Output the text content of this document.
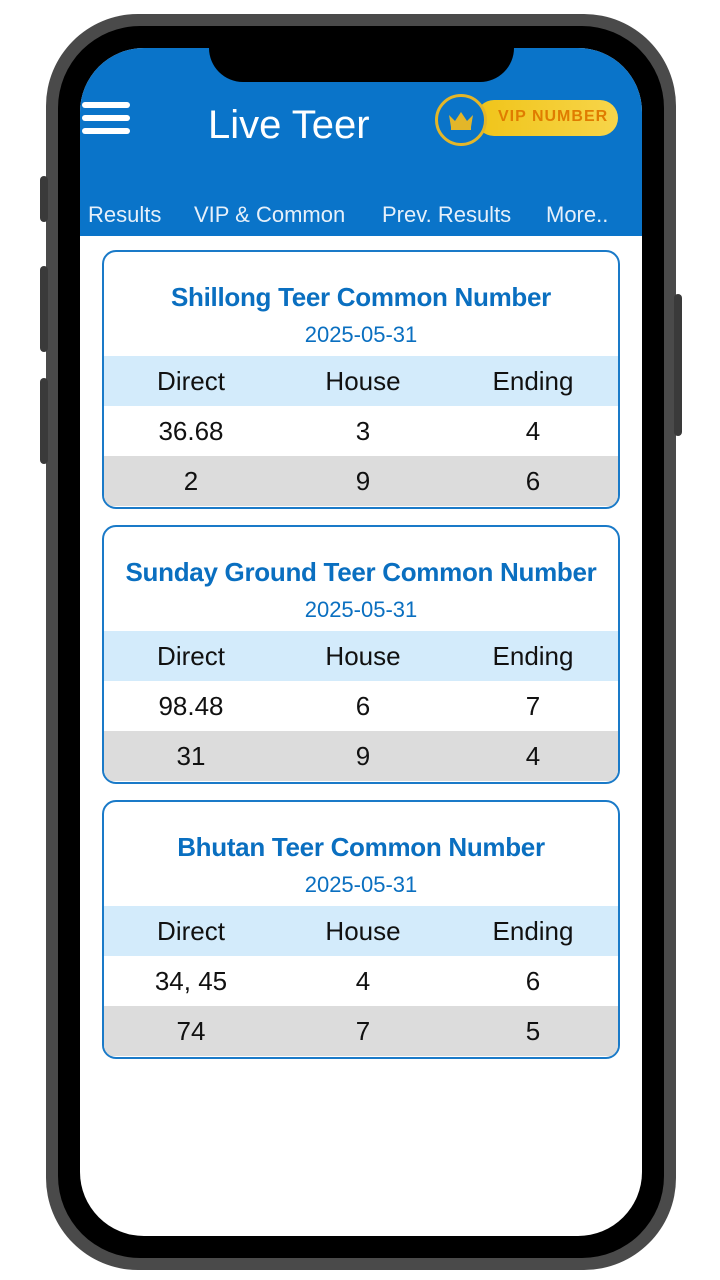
Live Teer	VIP NUMBER
Results VIP & Common Prev. Results More..
Shillong Teer Common Number
2025-05-31
Direct	House	Ending
36.68	3	4
2	9	6
Sunday Ground Teer Common Number
2025-05-31
Direct	House	Ending
98.48	6	7
31	9	4
Bhutan Teer Common Number
2025-05-31
Direct	House	Ending
34, 45	4	6
74	7	5
